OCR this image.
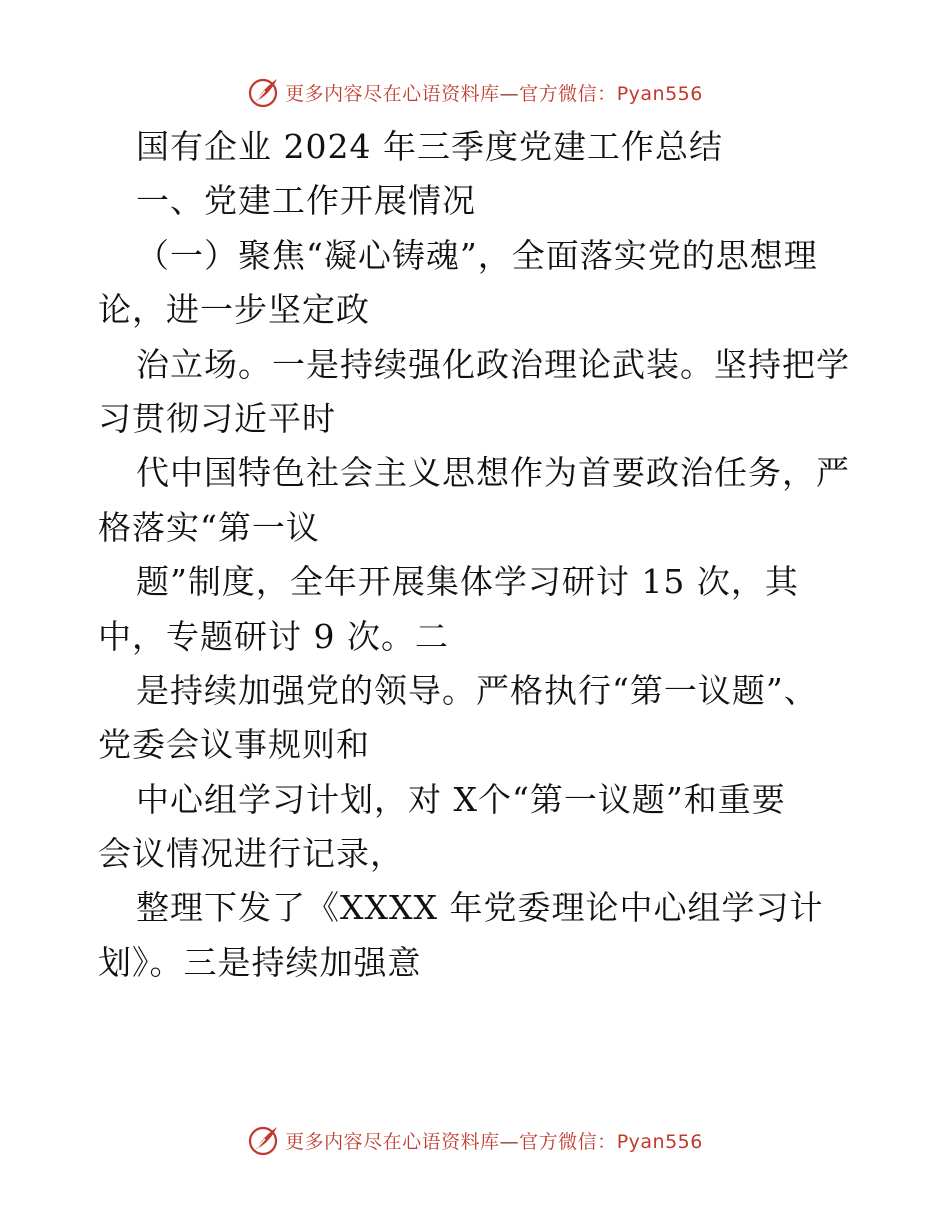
更多内容尽在心语资料库—官方微信：Pyan556
国有企业 2024 年三季度党建工作总结
一、党建工作开展情况
（一）聚焦“凝心铸魂”，全面落实党的思想理
论，进一步坚定政
治立场。一是持续强化政治理论武装。坚持把学
习贯彻习近平时
代中国特色社会主义思想作为首要政治任务，严
格落实“第一议
题”制度，全年开展集体学习研讨 15 次，其
中，专题研讨 9 次。二
是持续加强党的领导。严格执行“第一议题”、
党委会议事规则和
中心组学习计划，对 X个“第一议题”和重要
会议情况进行记录，
整理下发了《XXXX 年党委理论中心组学习计
划》。三是持续加强意
更多内容尽在心语资料库—官方微信：Pyan556
